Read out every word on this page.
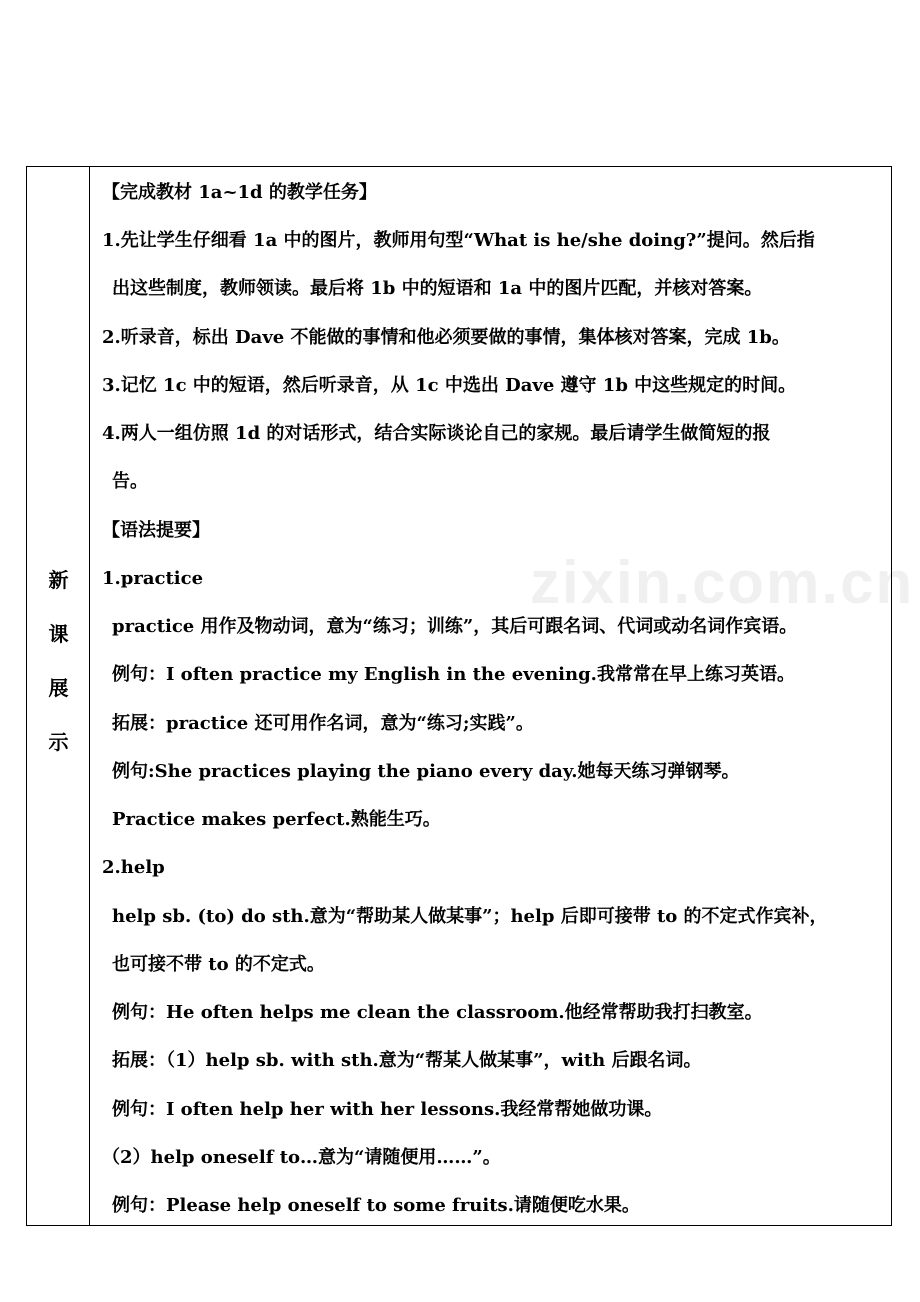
新
课
展
示
【完成教材 1a~1d 的教学任务】
1.先让学生仔细看 1a 中的图片，教师用句型“What is he/she doing?”提问。然后指
出这些制度，教师领读。最后将 1b 中的短语和 1a 中的图片匹配，并核对答案。
2.听录音，标出 Dave 不能做的事情和他必须要做的事情，集体核对答案，完成 1b。
3.记忆 1c 中的短语，然后听录音，从 1c 中选出 Dave 遵守 1b 中这些规定的时间。
4.两人一组仿照 1d 的对话形式，结合实际谈论自己的家规。最后请学生做简短的报
告。
【语法提要】
1.practice
practice 用作及物动词，意为“练习；训练”，其后可跟名词、代词或动名词作宾语。
例句：I often practice my English in the evening.我常常在早上练习英语。
拓展：practice 还可用作名词，意为“练习;实践”。
例句:She practices playing the piano every day.她每天练习弹钢琴。
Practice makes perfect.熟能生巧。
2.help
help sb. (to) do sth.意为“帮助某人做某事”；help 后即可接带 to 的不定式作宾补，
也可接不带 to 的不定式。
例句：He often helps me clean the classroom.他经常帮助我打扫教室。
拓展：（1）help sb. with sth.意为“帮某人做某事”，with 后跟名词。
例句：I often help her with her lessons.我经常帮她做功课。
（2）help oneself to…意为“请随便用……”。
例句：Please help oneself to some fruits.请随便吃水果。
zixin.com.cn
